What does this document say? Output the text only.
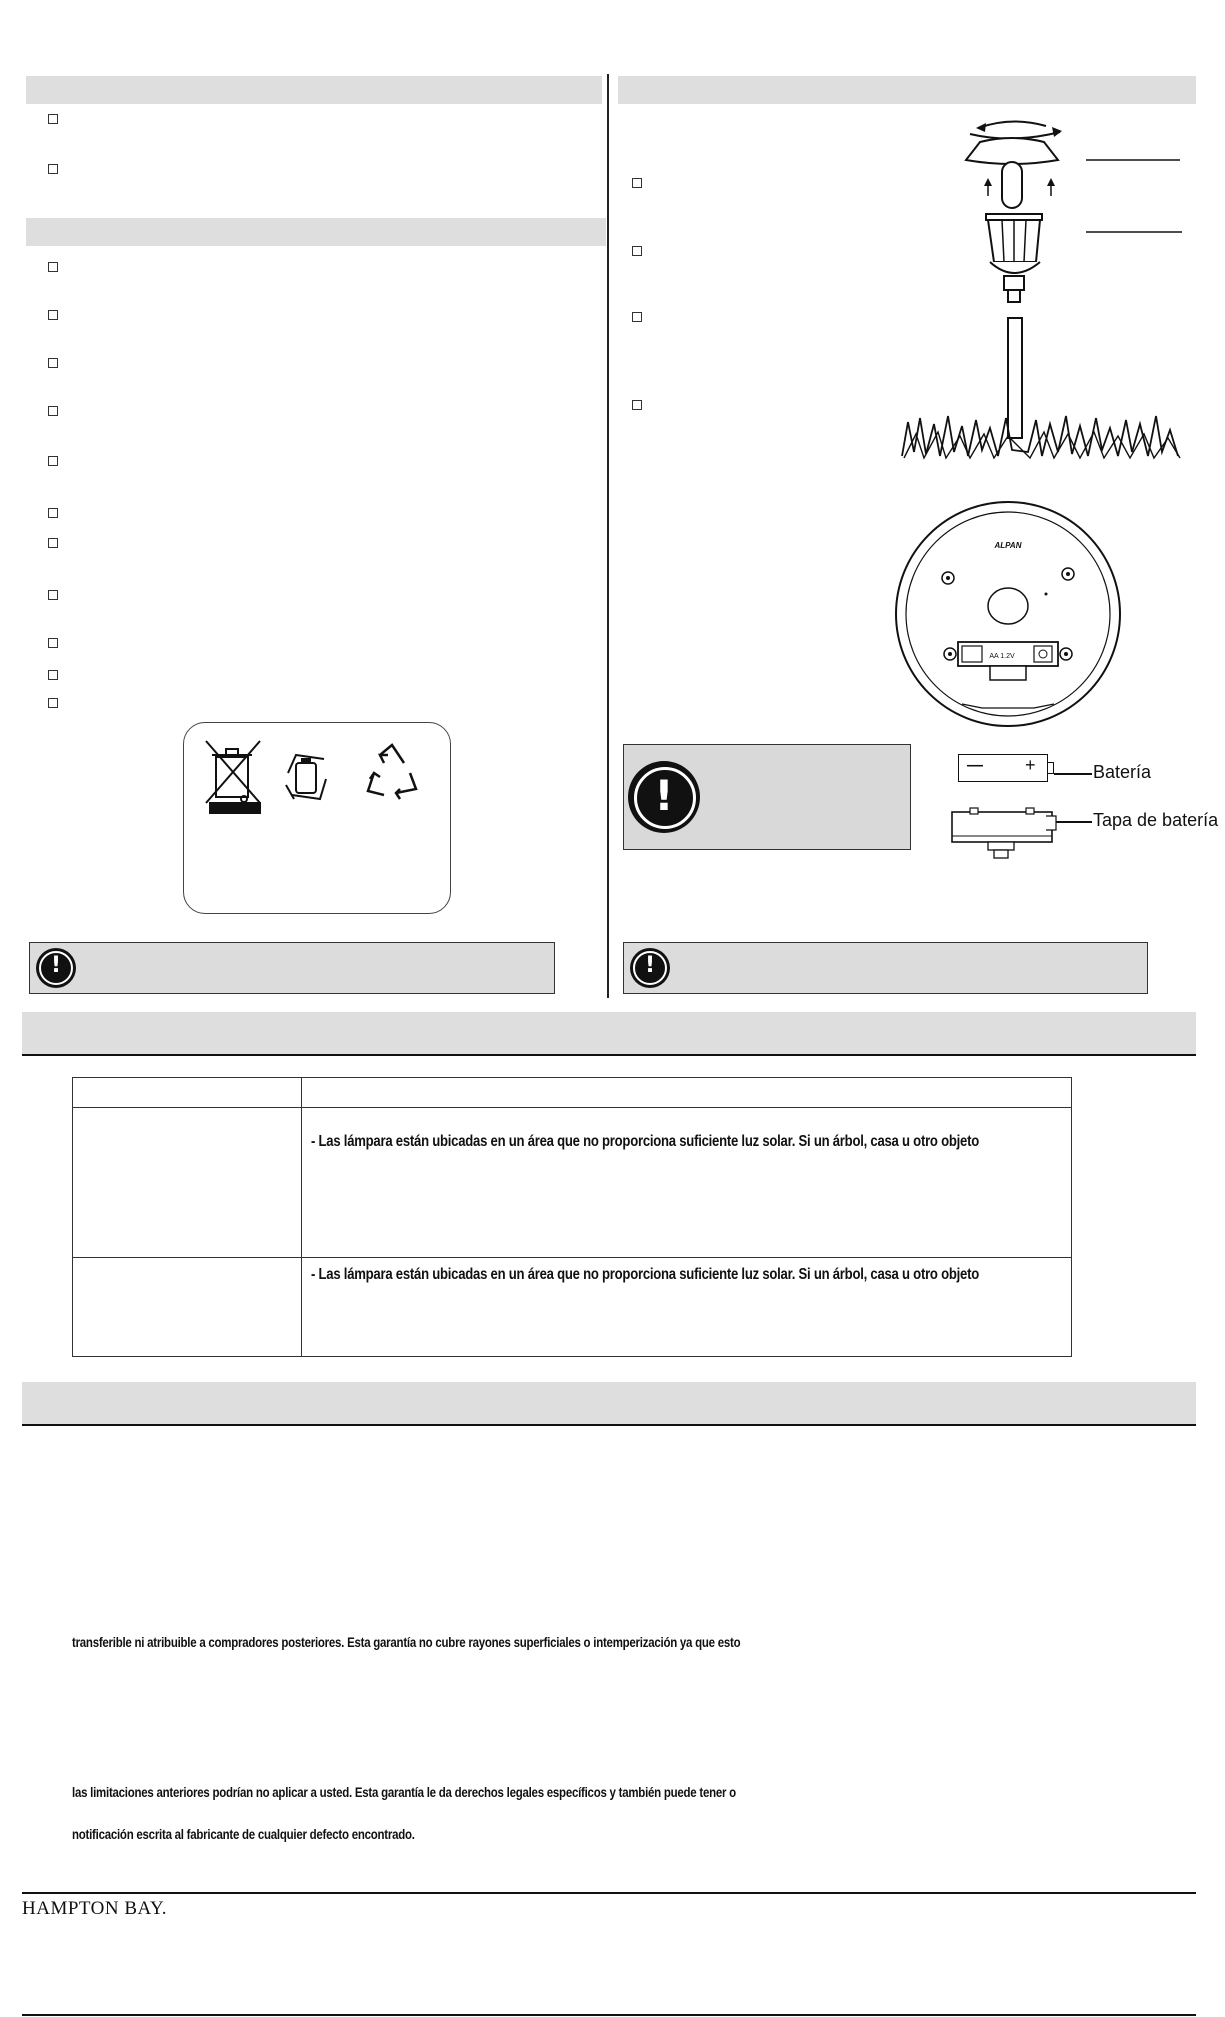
!
ALPAN
AA 1.2V
!
— +	Batería
Tapa de batería
!
- Las lámpara están ubicadas en un área que no proporciona suficiente luz solar. Si un árbol, casa u otro objeto
- Las lámpara están ubicadas en un área que no proporciona suficiente luz solar. Si un árbol, casa u otro objeto
transferible ni atribuible a compradores posteriores. Esta garantía no cubre rayones superficiales o intemperización ya que esto
las limitaciones anteriores podrían no aplicar a usted. Esta garantía le da derechos legales específicos y también puede tener o
notificación escrita al fabricante de cualquier defecto encontrado.
HAMPTON BAY.
